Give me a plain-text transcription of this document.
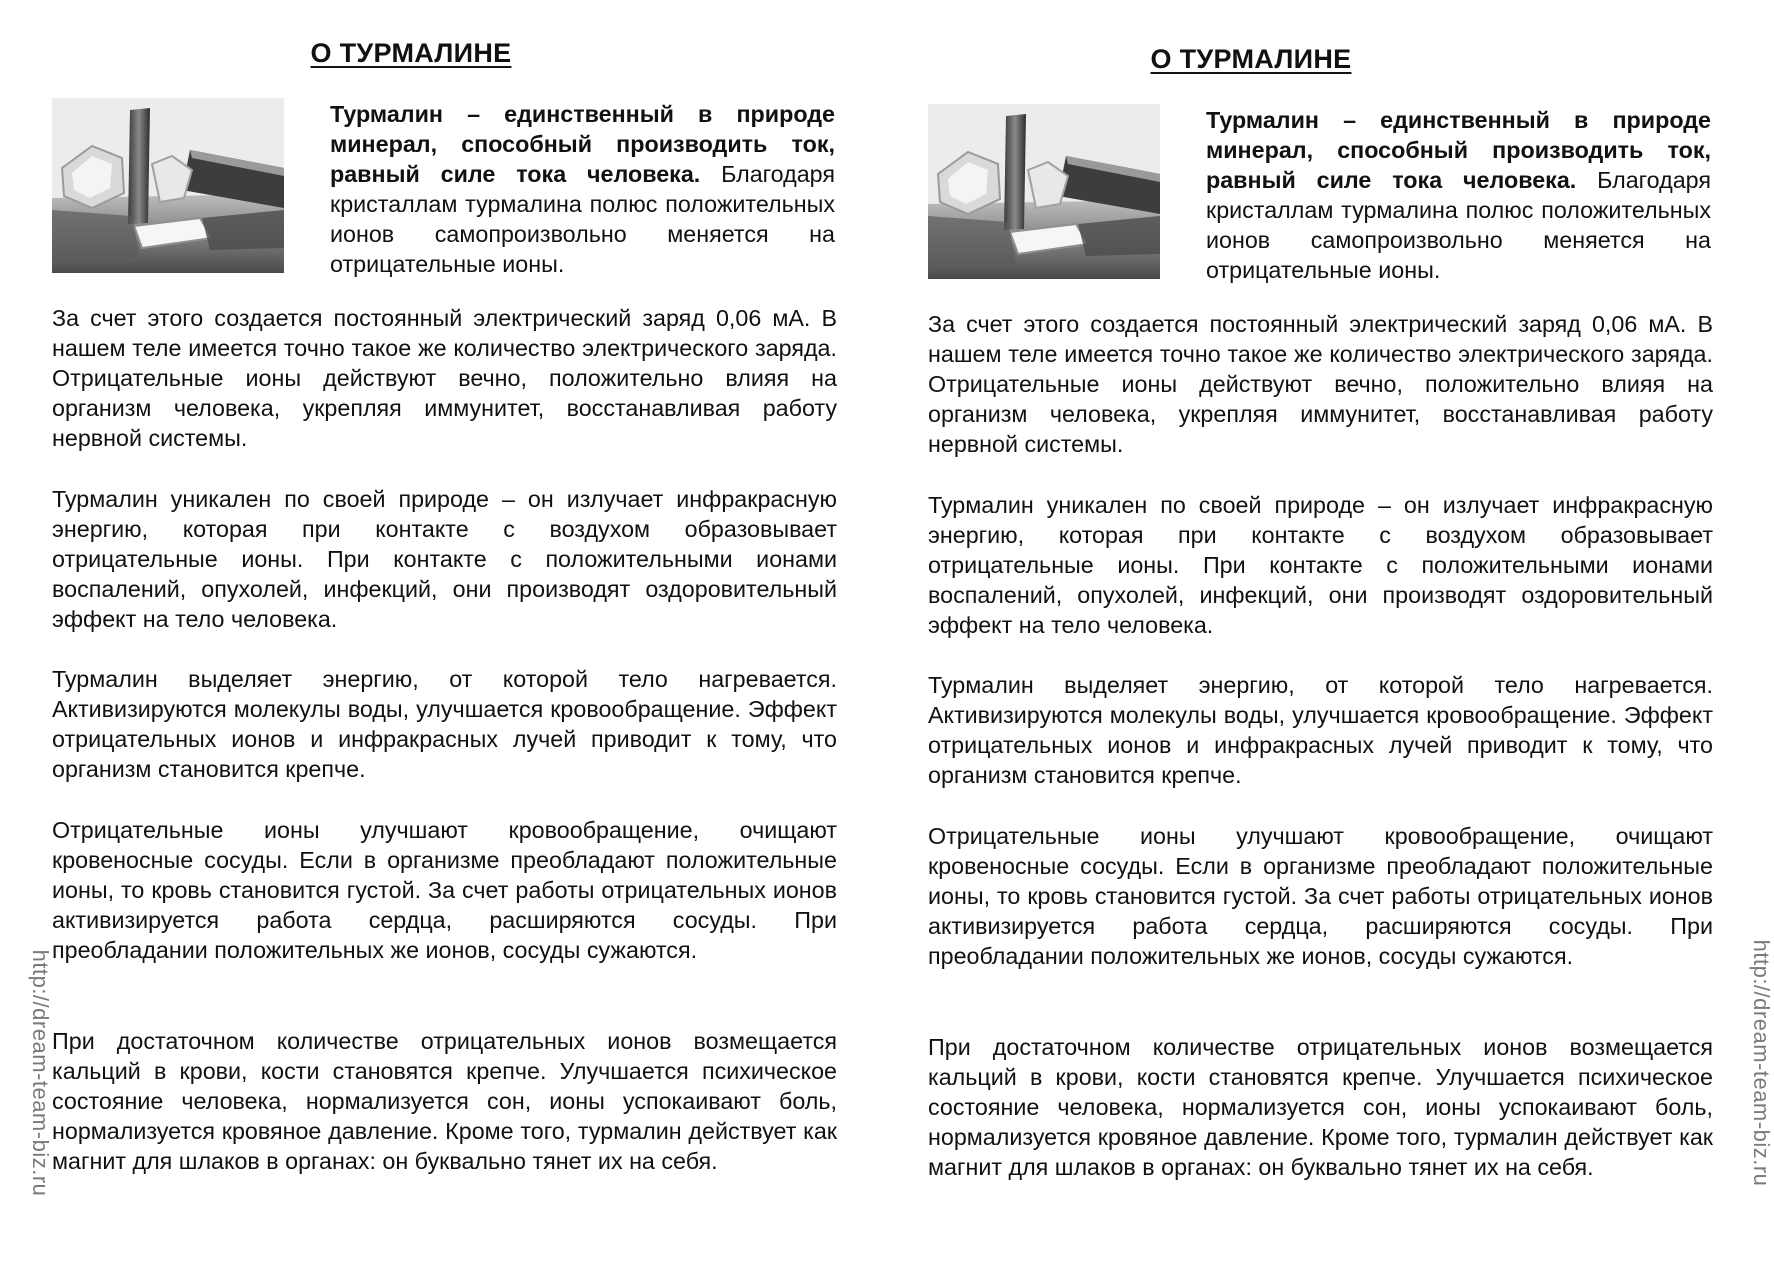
О ТУРМАЛИНЕ

Турмалин – единственный в природе минерал, способный производить ток, равный силе тока человека. Благодаря кристаллам турмалина полюс положительных ионов самопроизвольно меняется на отрицательные ионы.

За счет этого создается постоянный электрический заряд 0,06 мА. В нашем теле имеется точно такое же количество электрического заряда. Отрицательные ионы действуют вечно, положительно влияя на организм человека, укрепляя иммунитет, восстанавливая работу нервной системы.

Турмалин уникален по своей природе – он излучает инфракрасную энергию, которая при контакте с воздухом образовывает отрицательные ионы. При контакте с положительными ионами воспалений, опухолей, инфекций, они производят оздоровительный эффект на тело человека.

Турмалин выделяет энергию, от которой тело нагревается. Активизируются молекулы воды, улучшается кровообращение. Эффект отрицательных ионов и инфракрасных лучей приводит к тому, что организм становится крепче.

Отрицательные ионы улучшают кровообращение, очищают кровеносные сосуды. Если в организме преобладают положительные ионы, то кровь становится густой. За счет работы отрицательных ионов активизируется работа сердца, расширяются сосуды. При преобладании положительных же ионов, сосуды сужаются.

При достаточном количестве отрицательных ионов возмещается кальций в крови, кости становятся крепче. Улучшается психическое состояние человека, нормализуется сон, ионы успокаивают боль, нормализуется кровяное давление. Кроме того, турмалин действует как магнит для шлаков в органах: он буквально тянет их на себя.

О ТУРМАЛИНЕ

Турмалин – единственный в природе минерал, способный производить ток, равный силе тока человека. Благодаря кристаллам турмалина полюс положительных ионов самопроизвольно меняется на отрицательные ионы.

За счет этого создается постоянный электрический заряд 0,06 мА. В нашем теле имеется точно такое же количество электрического заряда. Отрицательные ионы действуют вечно, положительно влияя на организм человека, укрепляя иммунитет, восстанавливая работу нервной системы.

Турмалин уникален по своей природе – он излучает инфракрасную энергию, которая при контакте с воздухом образовывает отрицательные ионы. При контакте с положительными ионами воспалений, опухолей, инфекций, они производят оздоровительный эффект на тело человека.

Турмалин выделяет энергию, от которой тело нагревается. Активизируются молекулы воды, улучшается кровообращение. Эффект отрицательных ионов и инфракрасных лучей приводит к тому, что организм становится крепче.

Отрицательные ионы улучшают кровообращение, очищают кровеносные сосуды. Если в организме преобладают положительные ионы, то кровь становится густой. За счет работы отрицательных ионов активизируется работа сердца, расширяются сосуды. При преобладании положительных же ионов, сосуды сужаются.

При достаточном количестве отрицательных ионов возмещается кальций в крови, кости становятся крепче. Улучшается психическое состояние человека, нормализуется сон, ионы успокаивают боль, нормализуется кровяное давление. Кроме того, турмалин действует как магнит для шлаков в органах: он буквально тянет их на себя.

http://dream-team-biz.ru	http://dream-team-biz.ru
